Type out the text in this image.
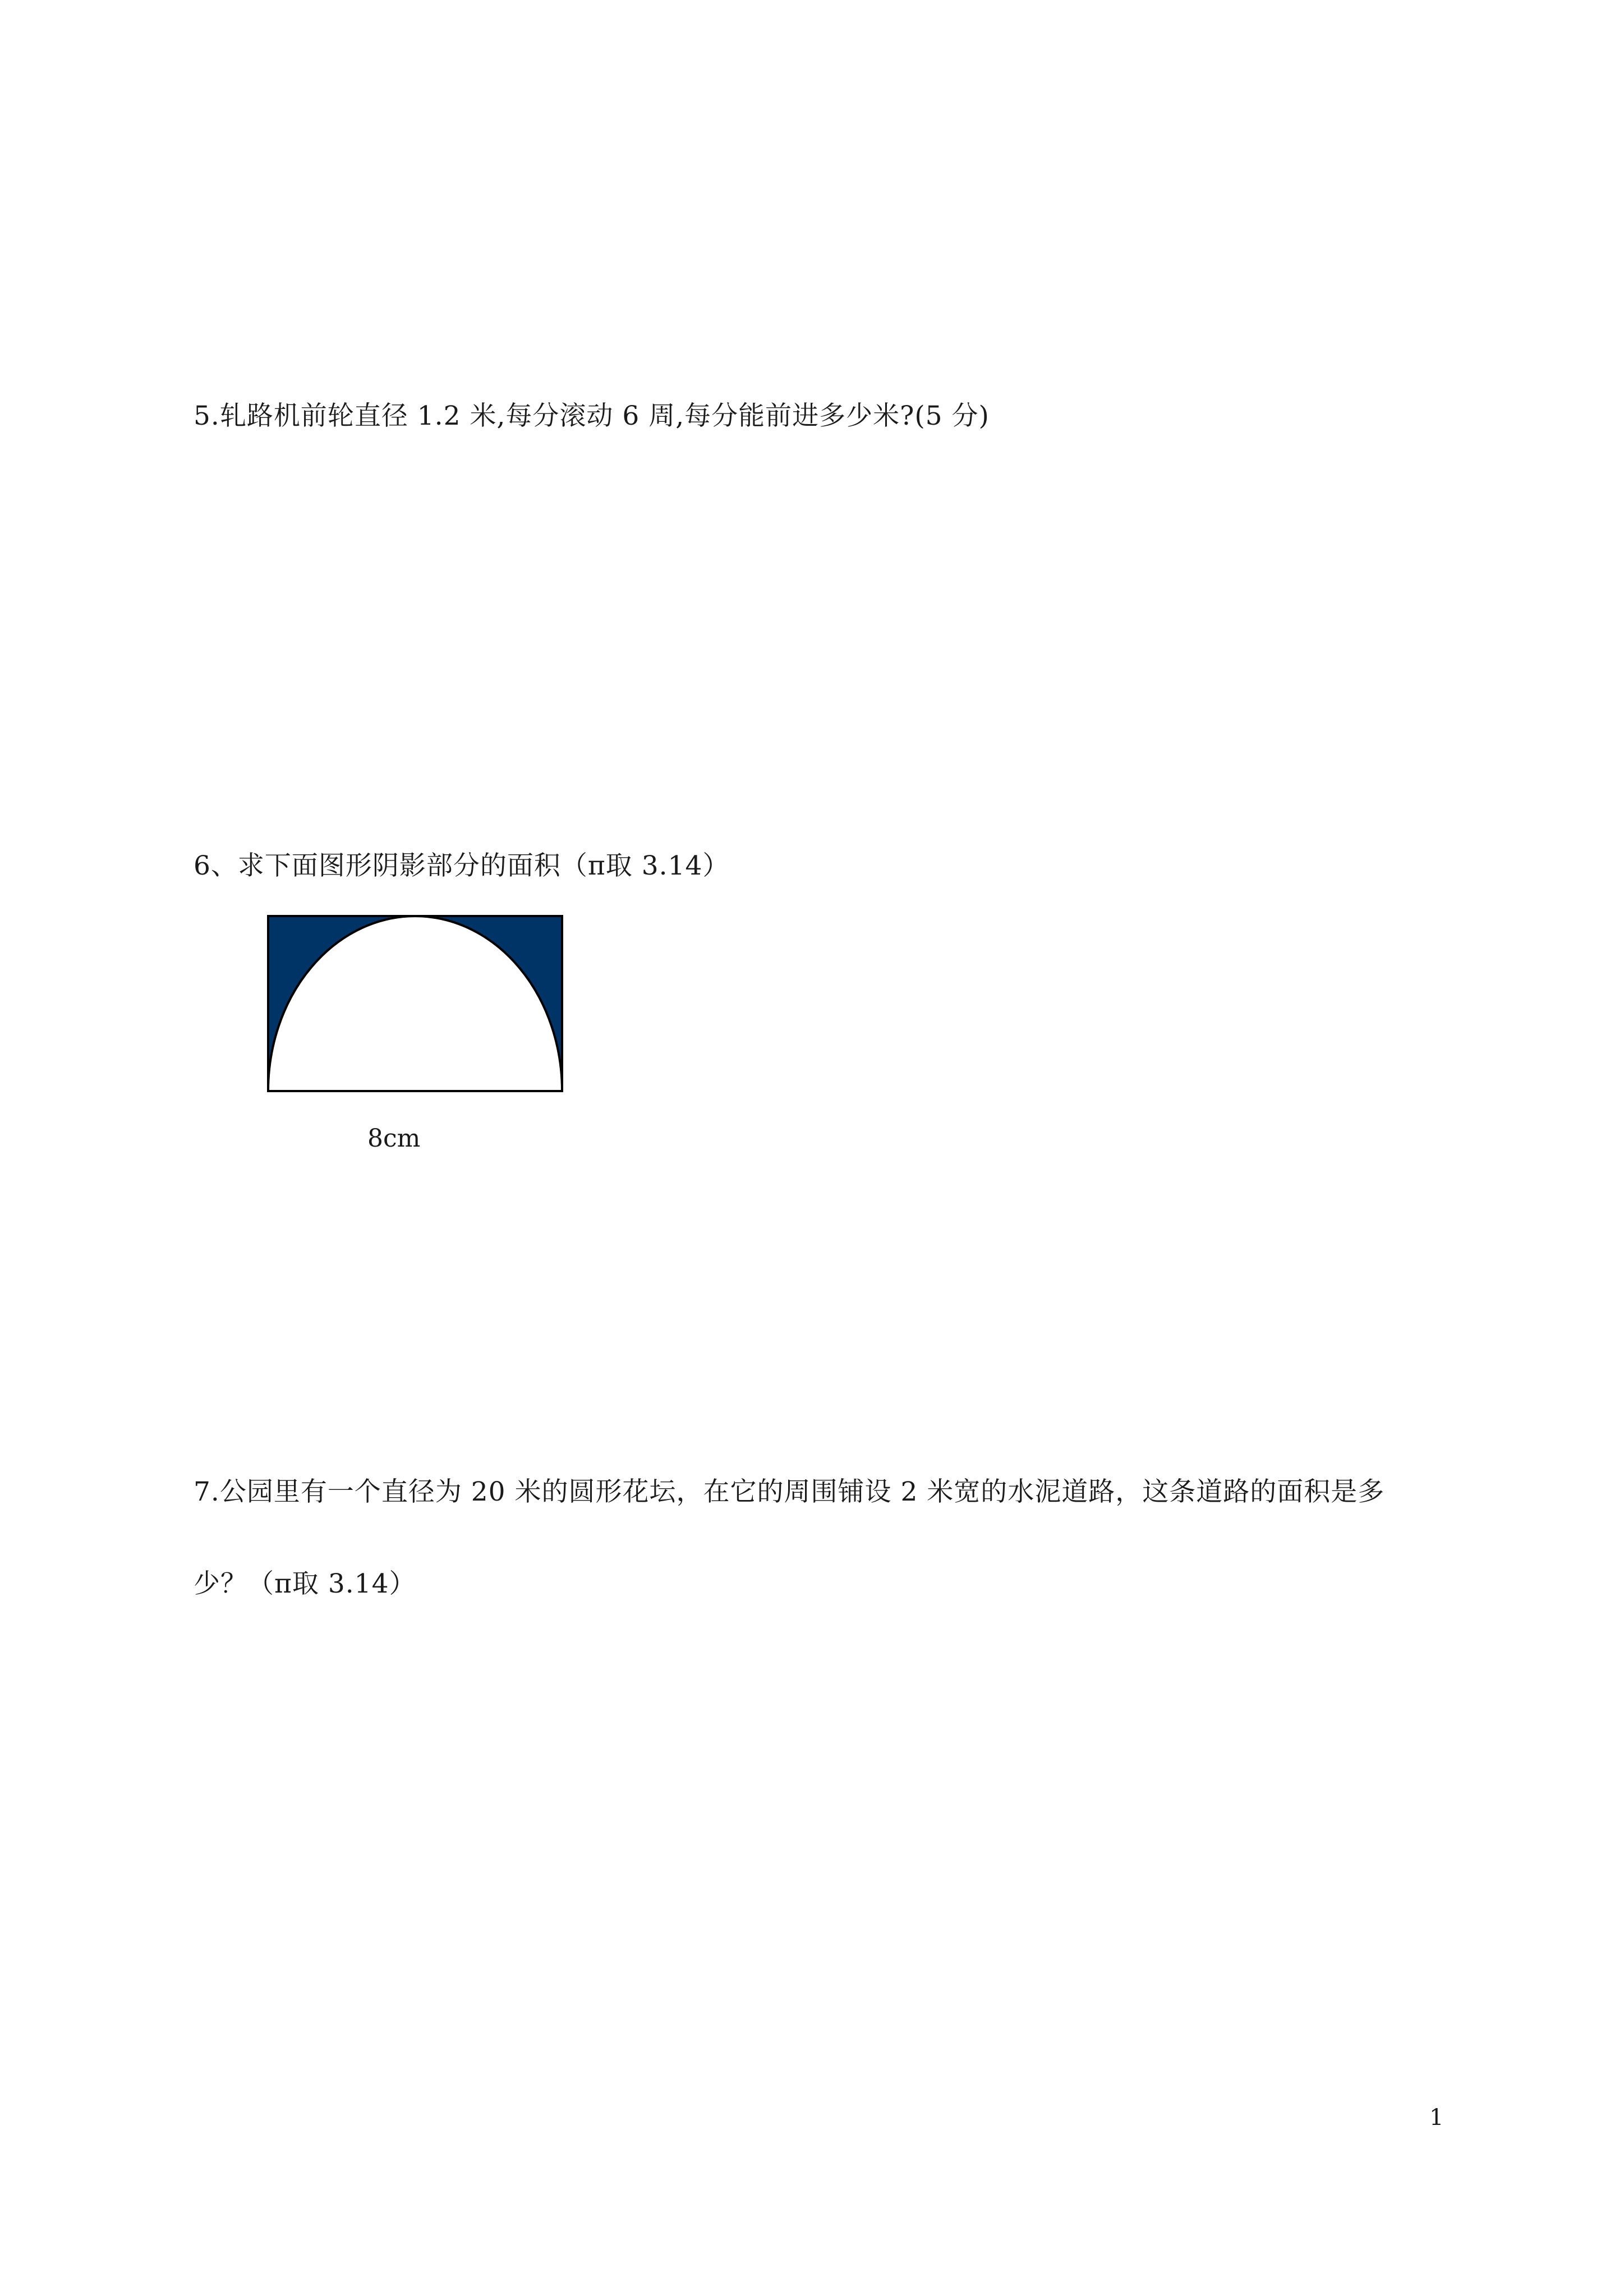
5.轧路机前轮直径 1.2 米,每分滚动 6 周,每分能前进多少米?(5 分)
6、求下面图形阴影部分的面积（π取 3.14）
8cm
7.公园里有一个直径为 20 米的圆形花坛，在它的周围铺设 2 米宽的水泥道路，这条道路的面积是多
少？（π取 3.14）
1
